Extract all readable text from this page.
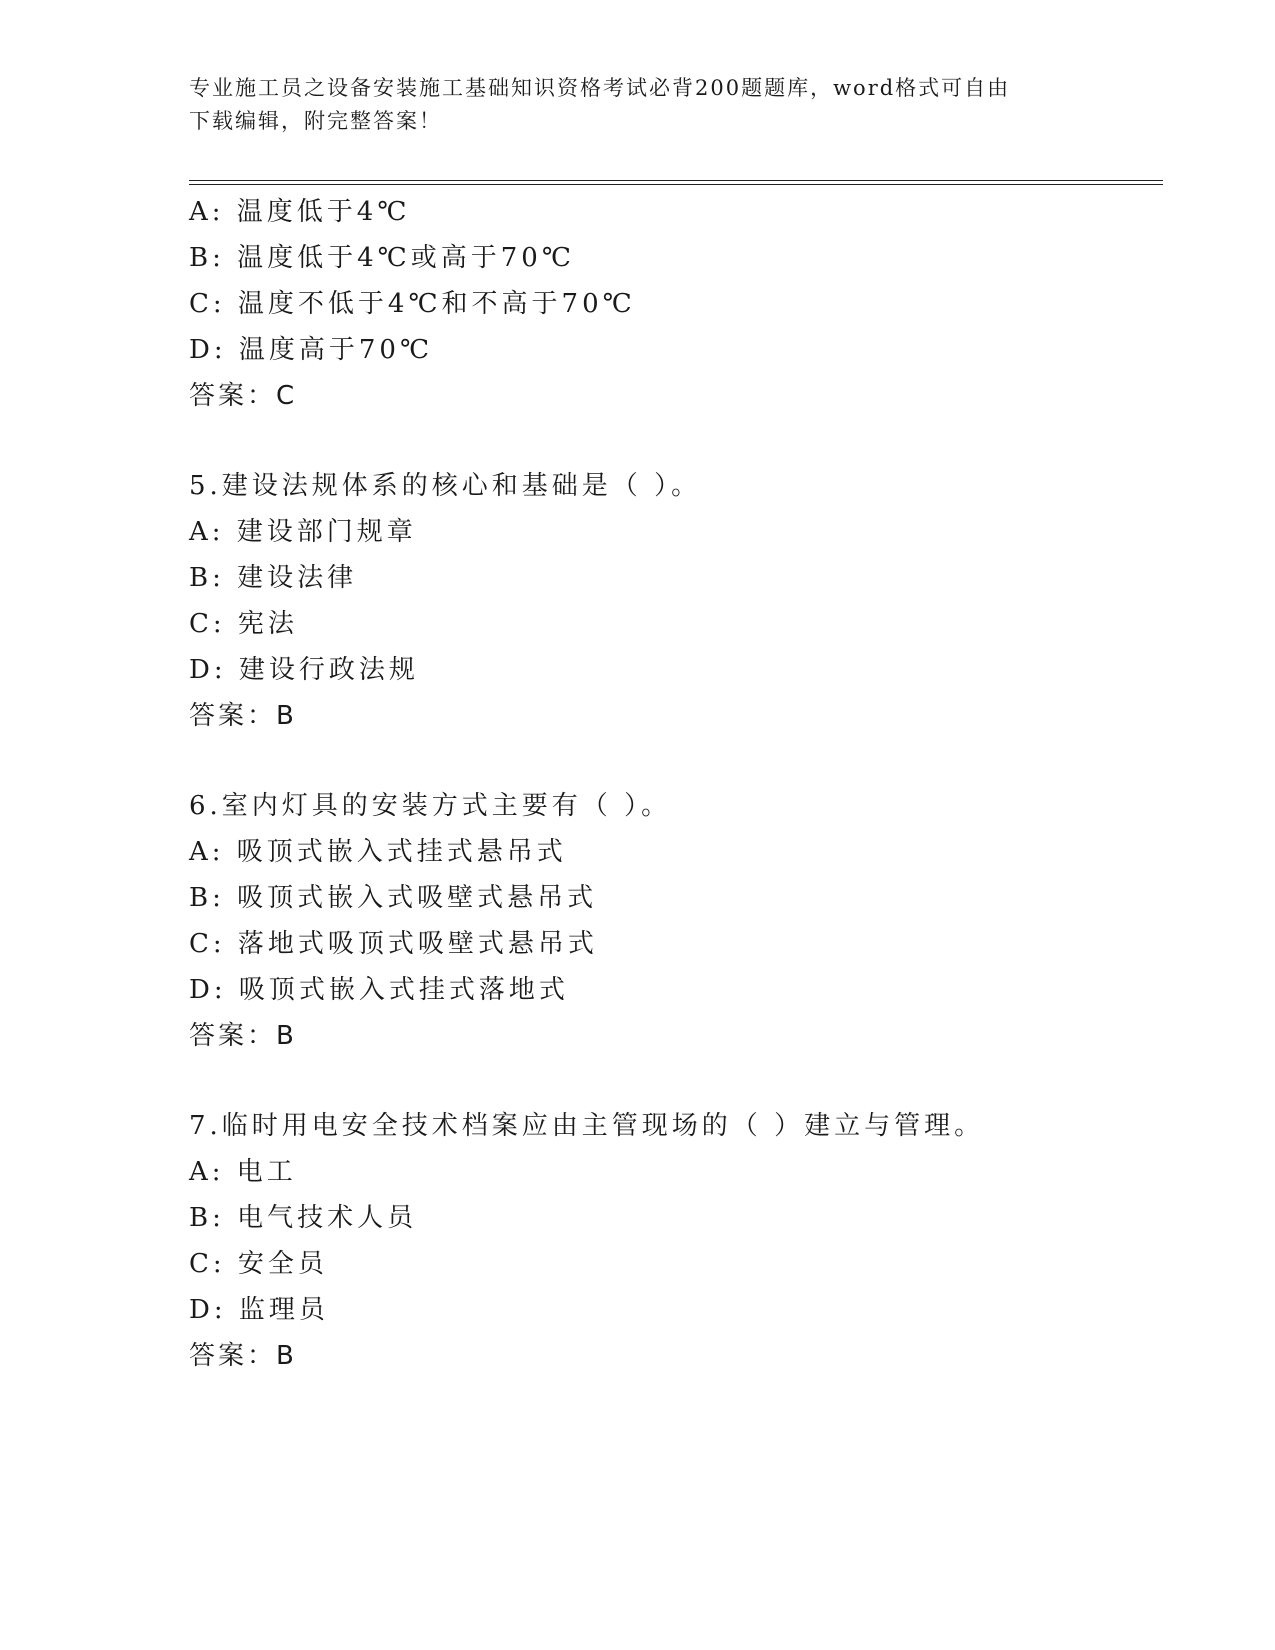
专业施工员之设备安装施工基础知识资格考试必背200题题库，word格式可自由
下载编辑，附完整答案！
A: 温度低于4℃
B: 温度低于4℃或高于70℃
C: 温度不低于4℃和不高于70℃
D: 温度高于70℃
答案：C
5.建设法规体系的核心和基础是（ ）。
A: 建设部门规章
B: 建设法律
C: 宪法
D: 建设行政法规
答案：B
6.室内灯具的安装方式主要有（ ）。
A: 吸顶式嵌入式挂式悬吊式
B: 吸顶式嵌入式吸壁式悬吊式
C: 落地式吸顶式吸壁式悬吊式
D: 吸顶式嵌入式挂式落地式
答案：B
7.临时用电安全技术档案应由主管现场的（ ）建立与管理。
A: 电工
B: 电气技术人员
C: 安全员
D: 监理员
答案：B
